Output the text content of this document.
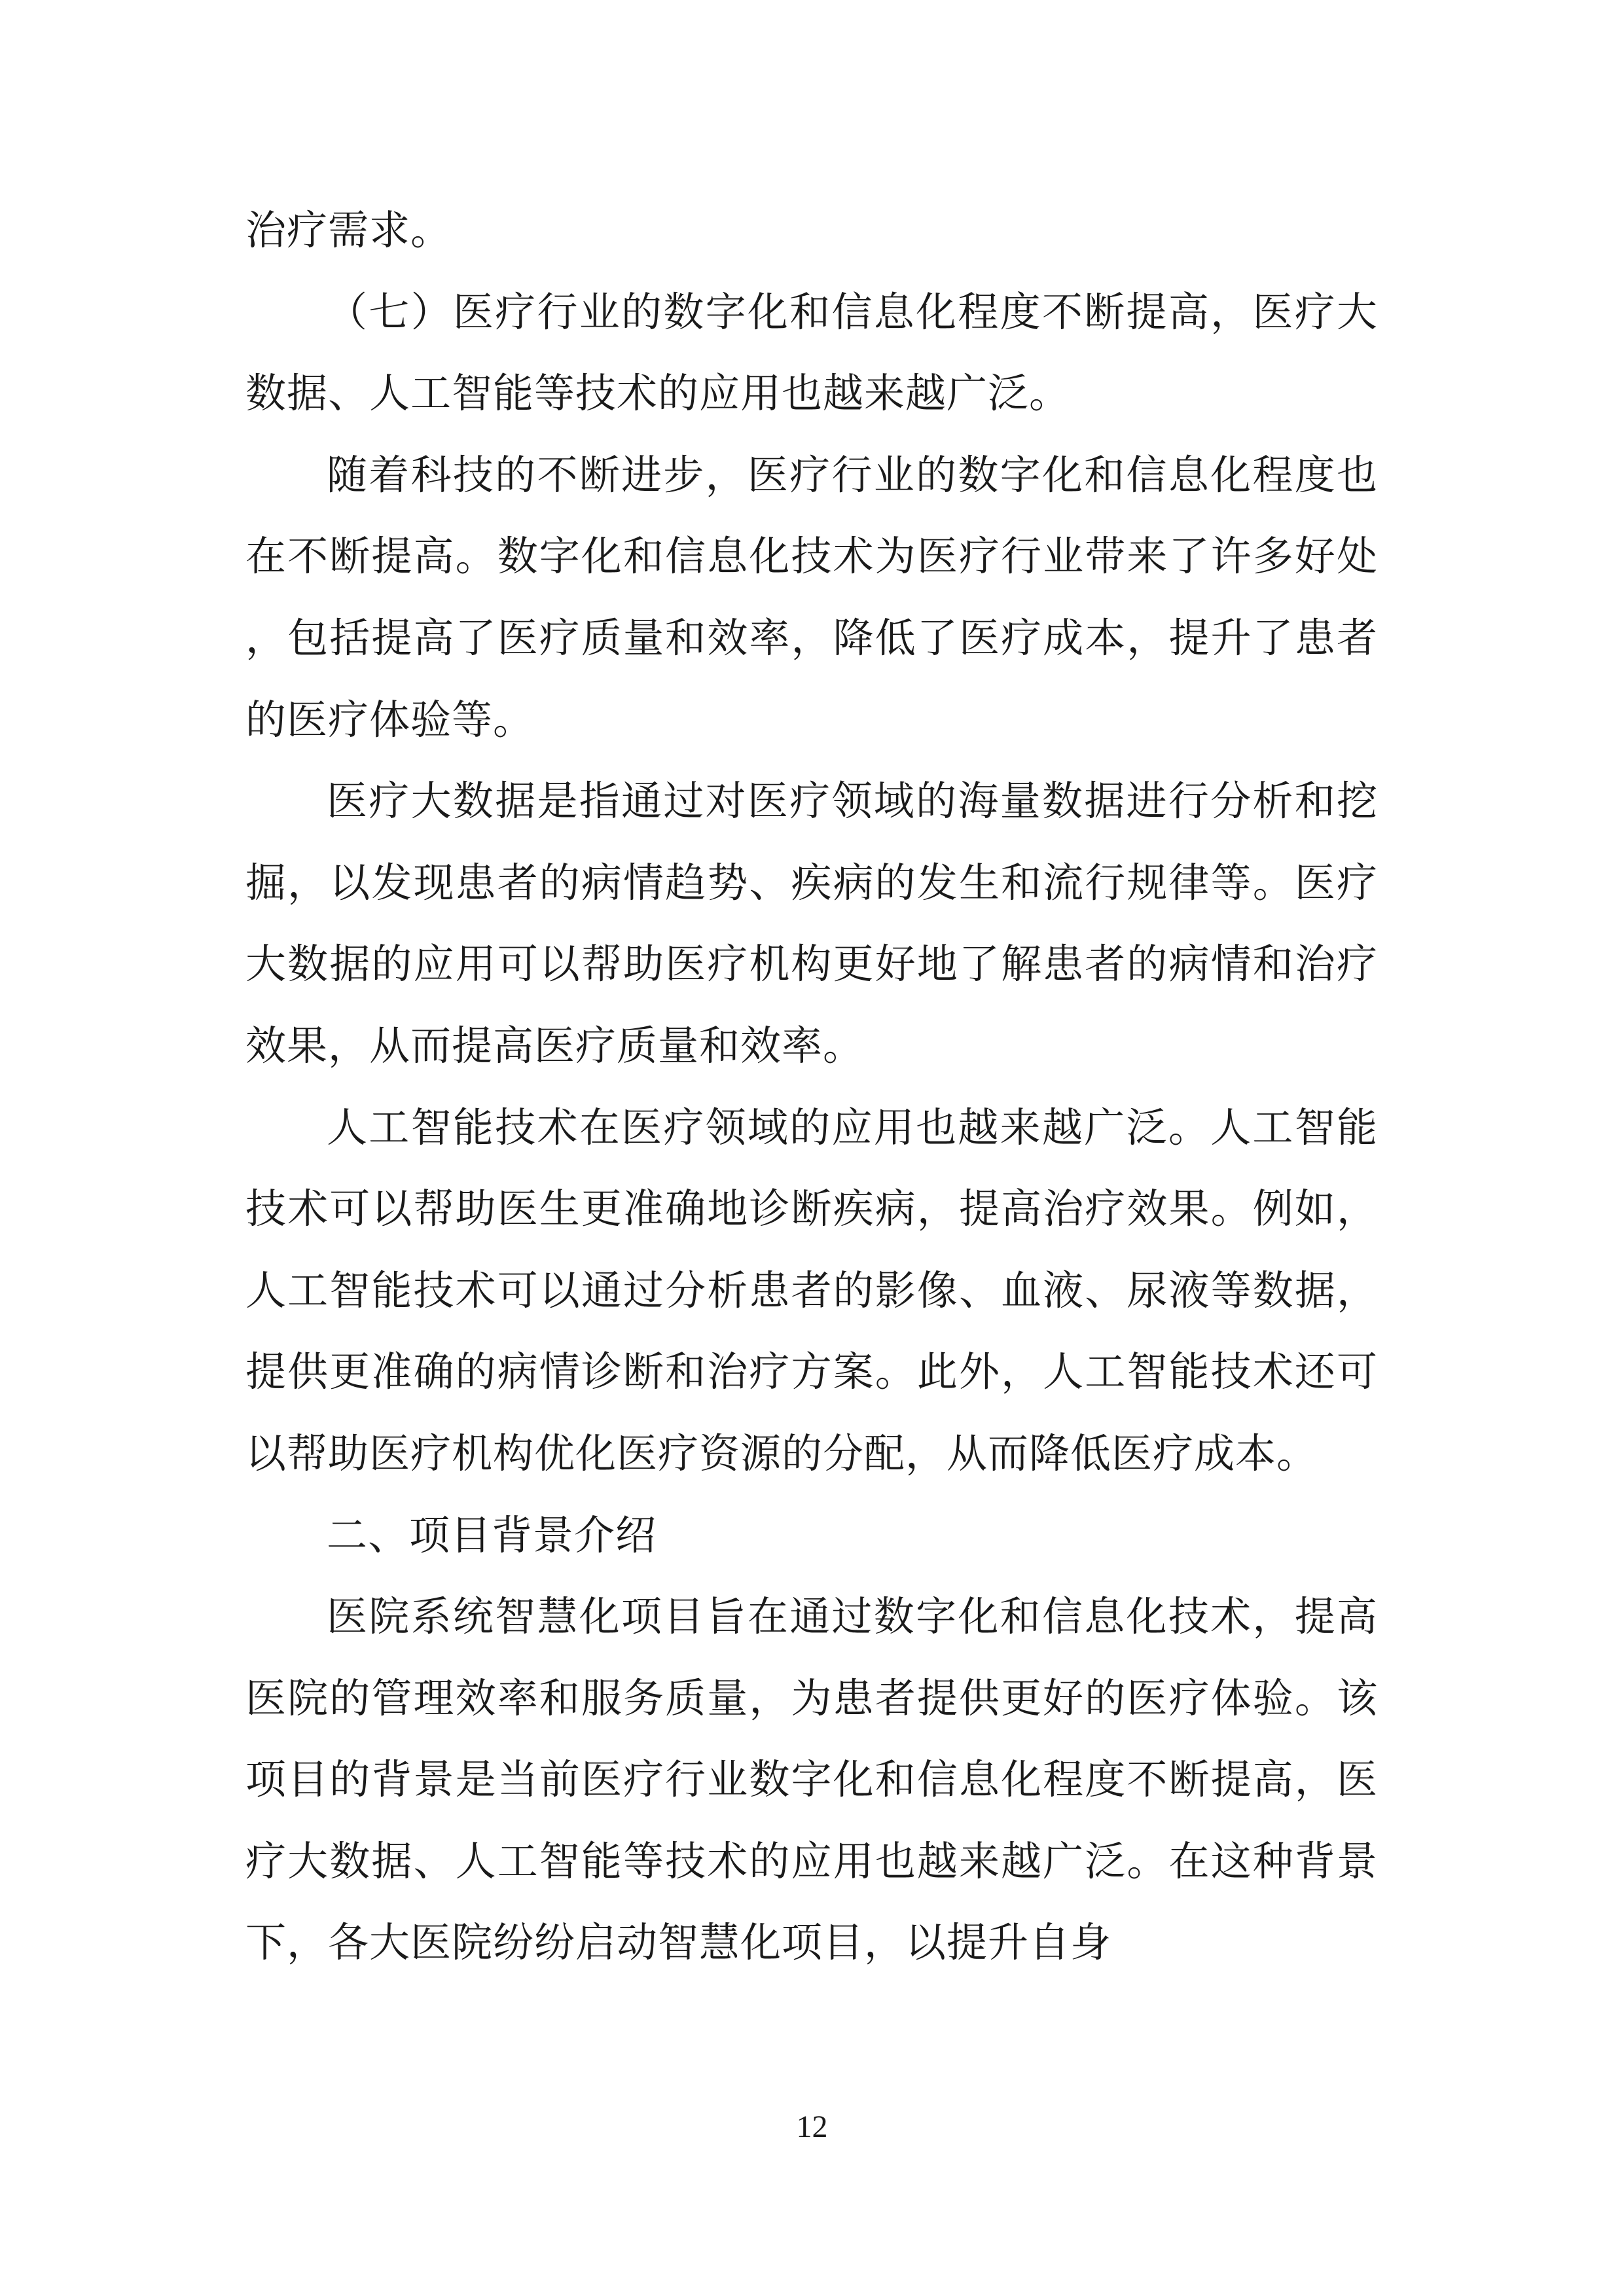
治疗需求。

（七）医疗行业的数字化和信息化程度不断提高，医疗大数据、人工智能等技术的应用也越来越广泛。

随着科技的不断进步，医疗行业的数字化和信息化程度也在不断提高。数字化和信息化技术为医疗行业带来了许多好处，包括提高了医疗质量和效率，降低了医疗成本，提升了患者的医疗体验等。

医疗大数据是指通过对医疗领域的海量数据进行分析和挖掘，以发现患者的病情趋势、疾病的发生和流行规律等。医疗大数据的应用可以帮助医疗机构更好地了解患者的病情和治疗效果，从而提高医疗质量和效率。

人工智能技术在医疗领域的应用也越来越广泛。人工智能技术可以帮助医生更准确地诊断疾病，提高治疗效果。例如，人工智能技术可以通过分析患者的影像、血液、尿液等数据，提供更准确的病情诊断和治疗方案。此外，人工智能技术还可以帮助医疗机构优化医疗资源的分配，从而降低医疗成本。

二、项目背景介绍

医院系统智慧化项目旨在通过数字化和信息化技术，提高医院的管理效率和服务质量，为患者提供更好的医疗体验。该项目的背景是当前医疗行业数字化和信息化程度不断提高，医疗大数据、人工智能等技术的应用也越来越广泛。在这种背景下，各大医院纷纷启动智慧化项目，以提升自身

12
